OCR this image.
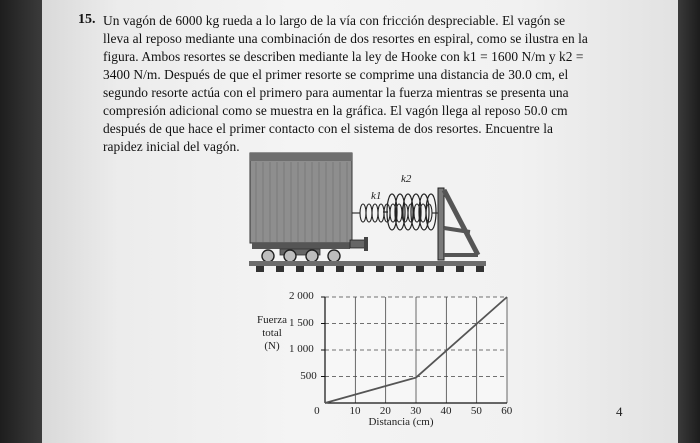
15. Un vagón de 6000 kg rueda a lo largo de la vía con fricción despreciable. El vagón se
lleva al reposo mediante una combinación de dos resortes en espiral, como se ilustra en la
figura. Ambos resortes se describen mediante la ley de Hooke con k1 = 1600 N/m y k2 =
3400 N/m. Después de que el primer resorte se comprime una distancia de 30.0 cm, el
segundo resorte actúa con el primero para aumentar la fuerza mientras se presenta una
compresión adicional como se muestra en la gráfica. El vagón llega al reposo 50.0 cm
después de que hace el primer contacto con el sistema de dos resortes. Encuentre la
rapidez inicial del vagón.
k1
k2
500
1 000
1 500
2 000
0	10 20 30 40 50 60
Fuerza
total
(N)
Distancia (cm)
4
